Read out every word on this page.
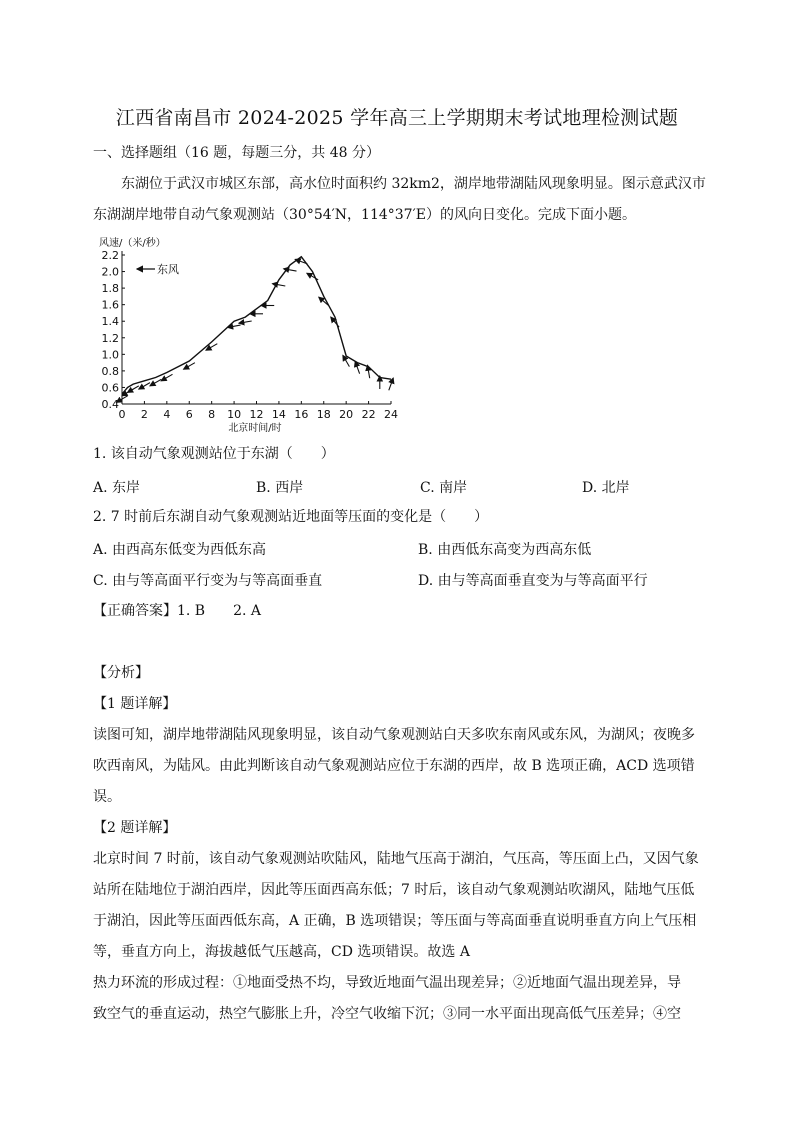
江西省南昌市 2024-2025 学年高三上学期期末考试地理检测试题
一、选择题组（16 题，每题三分，共 48 分）
东湖位于武汉市城区东部，高水位时面积约 32km2，湖岸地带湖陆风现象明显。图示意武汉市
东湖湖岸地带自动气象观测站（30°54′N，114°37′E）的风向日变化。完成下面小题。
风速/（米/秒）
0.4
0.6
0.8
1.0
1.2
1.4
1.6
1.8
2.0
2.2
0 2 4 6 8 10 12 14 16 18 20 22 24
东风
北京时间/时
1. 该自动气象观测站位于东湖（　　）
A. 东岸	B. 西岸	C. 南岸	D. 北岸
2. 7 时前后东湖自动气象观测站近地面等压面的变化是（　　）
A. 由西高东低变为西低东高	B. 由西低东高变为西高东低
C. 由与等高面平行变为与等高面垂直	D. 由与等高面垂直变为与等高面平行
【正确答案】1. B　　2. A
【分析】
【1 题详解】
读图可知，湖岸地带湖陆风现象明显，该自动气象观测站白天多吹东南风或东风，为湖风；夜晚多
吹西南风，为陆风。由此判断该自动气象观测站应位于东湖的西岸，故 B 选项正确，ACD 选项错
误。
【2 题详解】
北京时间 7 时前，该自动气象观测站吹陆风，陆地气压高于湖泊，气压高，等压面上凸，又因气象
站所在陆地位于湖泊西岸，因此等压面西高东低；7 时后，该自动气象观测站吹湖风，陆地气压低
于湖泊，因此等压面西低东高，A 正确，B 选项错误；等压面与等高面垂直说明垂直方向上气压相
等，垂直方向上，海拔越低气压越高，CD 选项错误。故选 A
热力环流的形成过程：①地面受热不均，导致近地面气温出现差异；②近地面气温出现差异，导
致空气的垂直运动，热空气膨胀上升，冷空气收缩下沉；③同一水平面出现高低气压差异；④空
